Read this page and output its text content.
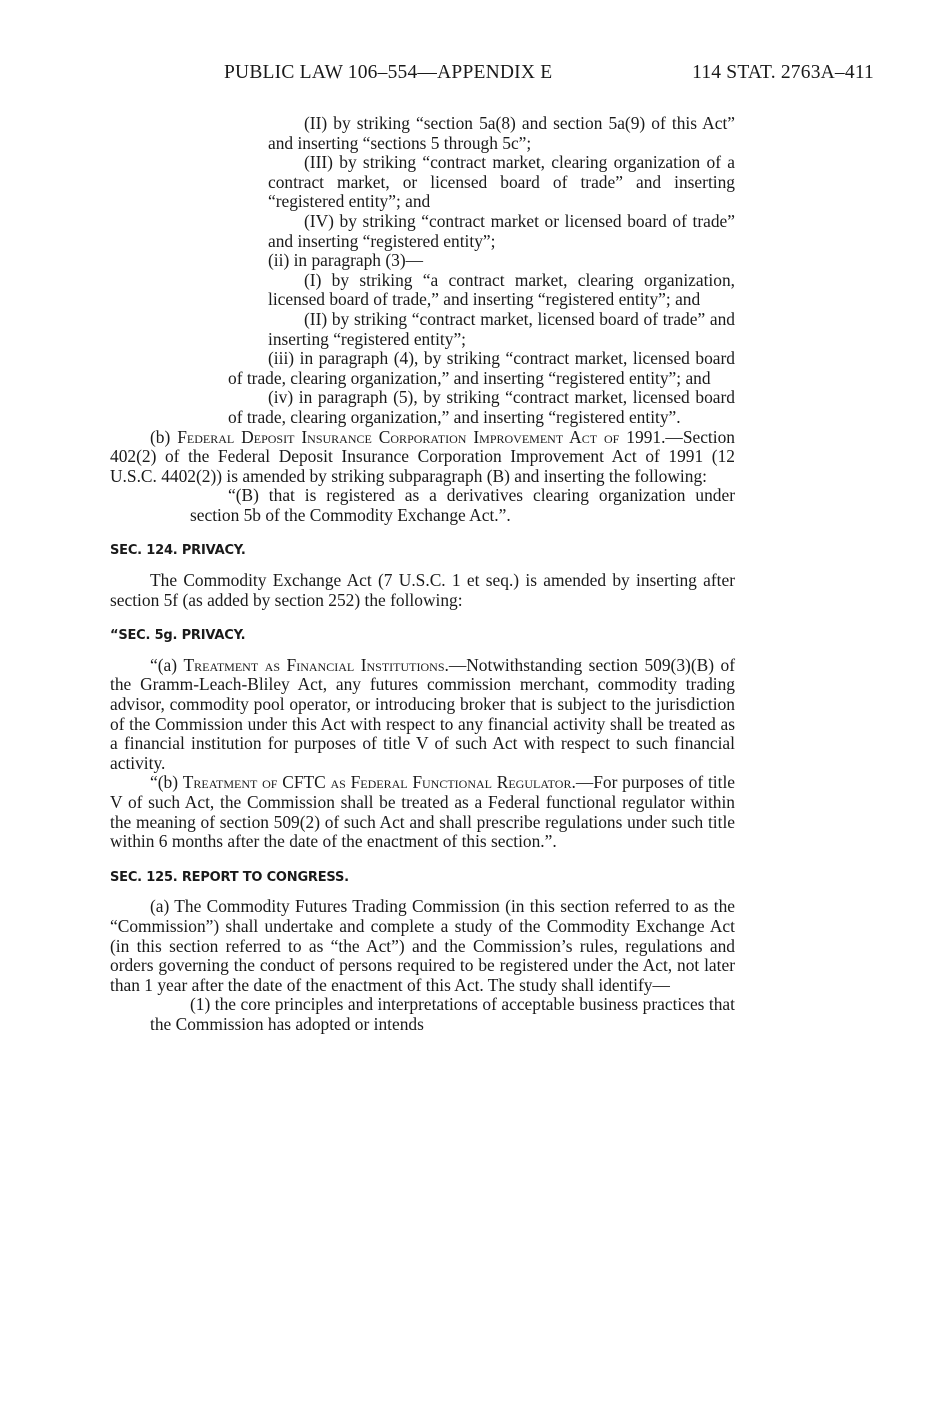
PUBLIC LAW 106–554—APPENDIX E	114 STAT. 2763A–411

(II) by striking “section 5a(8) and section 5a(9) of this Act” and inserting “sections 5 through 5c”;

(III) by striking “contract market, clearing organization of a contract market, or licensed board of trade” and inserting “registered entity”; and

(IV) by striking “contract market or licensed board of trade” and inserting “registered entity”;

(ii) in paragraph (3)—

(I) by striking “a contract market, clearing organization, licensed board of trade,” and inserting “registered entity”; and

(II) by striking “contract market, licensed board of trade” and inserting “registered entity”;

(iii) in paragraph (4), by striking “contract market, licensed board of trade, clearing organization,” and inserting “registered entity”; and

(iv) in paragraph (5), by striking “contract market, licensed board of trade, clearing organization,” and inserting “registered entity”.

(b) Federal Deposit Insurance Corporation Improvement Act of 1991.—Section 402(2) of the Federal Deposit Insurance Corporation Improvement Act of 1991 (12 U.S.C. 4402(2)) is amended by striking subparagraph (B) and inserting the following:

“(B) that is registered as a derivatives clearing organization under section 5b of the Commodity Exchange Act.”.

SEC. 124. PRIVACY.

The Commodity Exchange Act (7 U.S.C. 1 et seq.) is amended by inserting after section 5f (as added by section 252) the following:

“SEC. 5g. PRIVACY.

“(a) Treatment as Financial Institutions.—Notwithstanding section 509(3)(B) of the Gramm-Leach-Bliley Act, any futures commission merchant, commodity trading advisor, commodity pool operator, or introducing broker that is subject to the jurisdiction of the Commission under this Act with respect to any financial activity shall be treated as a financial institution for purposes of title V of such Act with respect to such financial activity.

“(b) Treatment of CFTC as Federal Functional Regulator.—For purposes of title V of such Act, the Commission shall be treated as a Federal functional regulator within the meaning of section 509(2) of such Act and shall prescribe regulations under such title within 6 months after the date of the enactment of this section.”.

SEC. 125. REPORT TO CONGRESS.

(a) The Commodity Futures Trading Commission (in this section referred to as the “Commission”) shall undertake and complete a study of the Commodity Exchange Act (in this section referred to as “the Act”) and the Commission’s rules, regulations and orders governing the conduct of persons required to be registered under the Act, not later than 1 year after the date of the enactment of this Act. The study shall identify—

(1) the core principles and interpretations of acceptable business practices that the Commission has adopted or intends
